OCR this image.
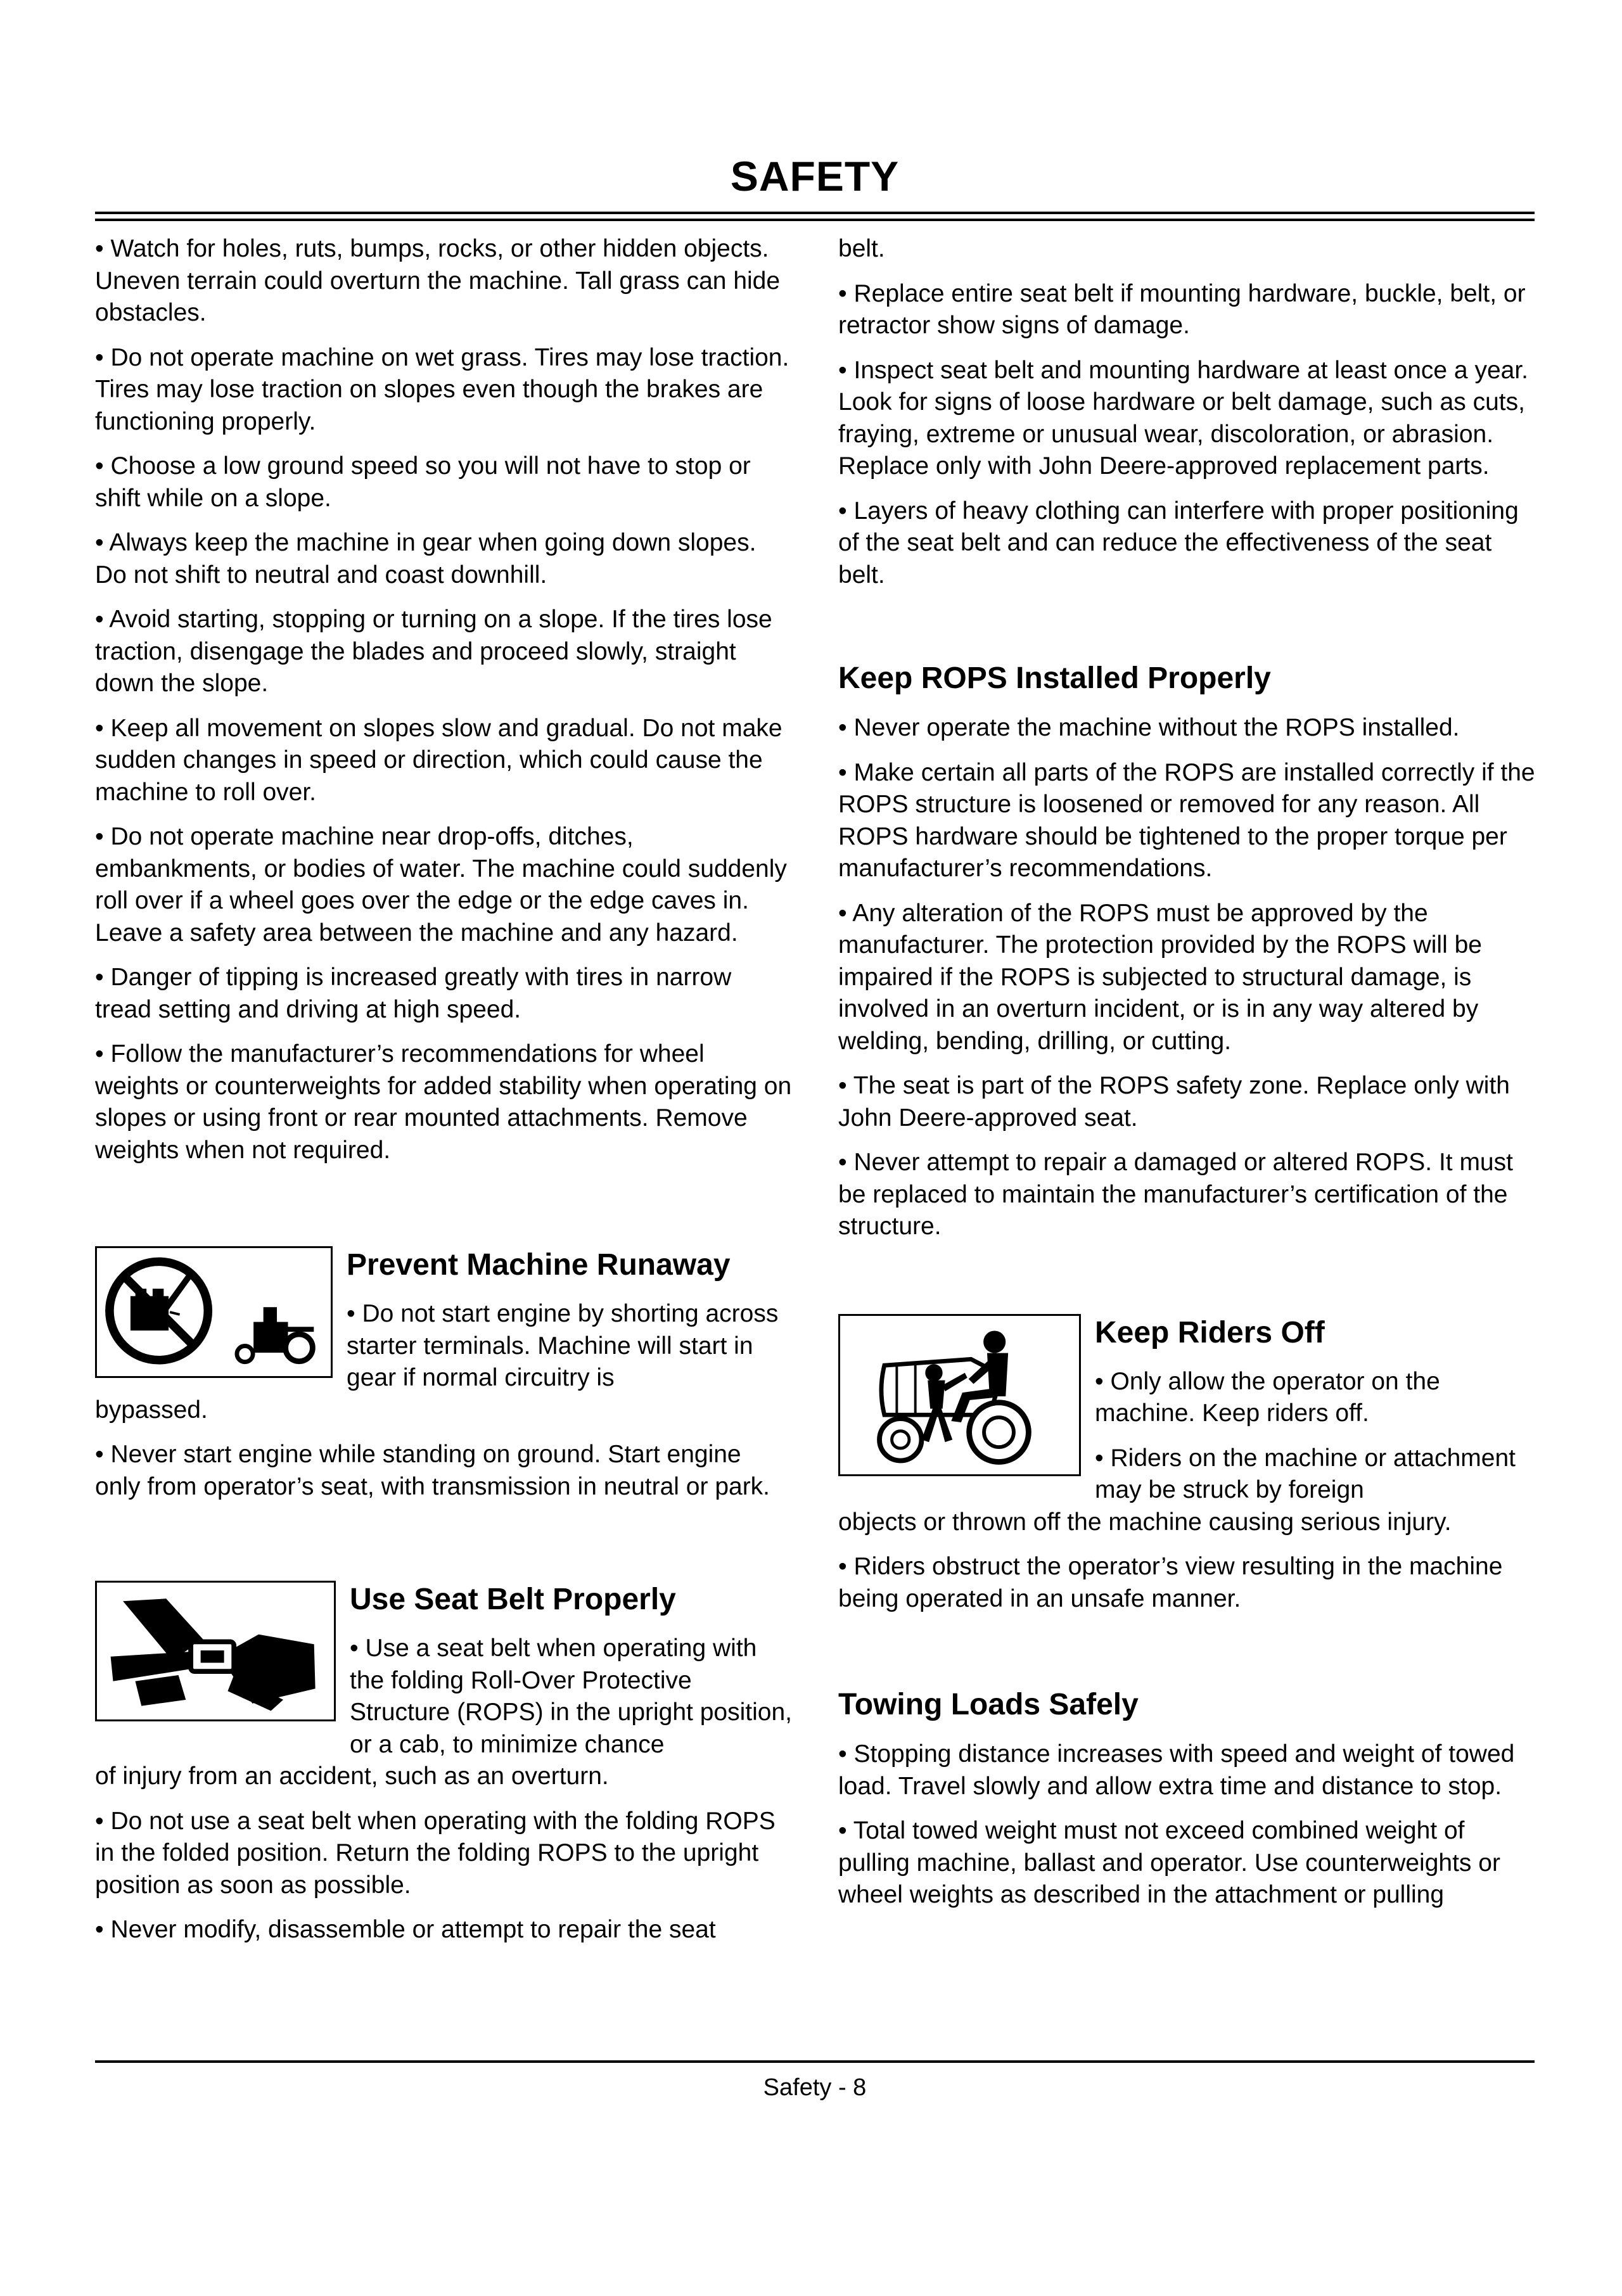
SAFETY

• Watch for holes, ruts, bumps, rocks, or other hidden objects. Uneven terrain could overturn the machine. Tall grass can hide obstacles.

• Do not operate machine on wet grass. Tires may lose traction. Tires may lose traction on slopes even though the brakes are functioning properly.

• Choose a low ground speed so you will not have to stop or shift while on a slope.

• Always keep the machine in gear when going down slopes. Do not shift to neutral and coast downhill.

• Avoid starting, stopping or turning on a slope. If the tires lose traction, disengage the blades and proceed slowly, straight down the slope.

• Keep all movement on slopes slow and gradual. Do not make sudden changes in speed or direction, which could cause the machine to roll over.

• Do not operate machine near drop-offs, ditches, embankments, or bodies of water. The machine could suddenly roll over if a wheel goes over the edge or the edge caves in. Leave a safety area between the machine and any hazard.

• Danger of tipping is increased greatly with tires in narrow tread setting and driving at high speed.

• Follow the manufacturer’s recommendations for wheel weights or counterweights for added stability when operating on slopes or using front or rear mounted attachments. Remove weights when not required.

Prevent Machine Runaway

• Do not start engine by shorting across starter terminals. Machine will start in gear if normal circuitry is

bypassed.

• Never start engine while standing on ground. Start engine only from operator’s seat, with transmission in neutral or park.

Use Seat Belt Properly

• Use a seat belt when operating with the folding Roll-Over Protective Structure (ROPS) in the upright position, or a cab, to minimize chance

of injury from an accident, such as an overturn.

• Do not use a seat belt when operating with the folding ROPS in the folded position. Return the folding ROPS to the upright position as soon as possible.

• Never modify, disassemble or attempt to repair the seat

belt.

• Replace entire seat belt if mounting hardware, buckle, belt, or retractor show signs of damage.

• Inspect seat belt and mounting hardware at least once a year. Look for signs of loose hardware or belt damage, such as cuts, fraying, extreme or unusual wear, discoloration, or abrasion. Replace only with John Deere-approved replacement parts.

• Layers of heavy clothing can interfere with proper positioning of the seat belt and can reduce the effectiveness of the seat belt.

Keep ROPS Installed Properly

• Never operate the machine without the ROPS installed.

• Make certain all parts of the ROPS are installed correctly if the ROPS structure is loosened or removed for any reason. All ROPS hardware should be tightened to the proper torque per manufacturer’s recommendations.

• Any alteration of the ROPS must be approved by the manufacturer. The protection provided by the ROPS will be impaired if the ROPS is subjected to structural damage, is involved in an overturn incident, or is in any way altered by welding, bending, drilling, or cutting.

• The seat is part of the ROPS safety zone. Replace only with John Deere-approved seat.

• Never attempt to repair a damaged or altered ROPS. It must be replaced to maintain the manufacturer’s certification of the structure.

Keep Riders Off

• Only allow the operator on the machine. Keep riders off.

• Riders on the machine or attachment may be struck by foreign

objects or thrown off the machine causing serious injury.

• Riders obstruct the operator’s view resulting in the machine being operated in an unsafe manner.

Towing Loads Safely

• Stopping distance increases with speed and weight of towed load. Travel slowly and allow extra time and distance to stop.

• Total towed weight must not exceed combined weight of pulling machine, ballast and operator. Use counterweights or wheel weights as described in the attachment or pulling

Safety - 8
